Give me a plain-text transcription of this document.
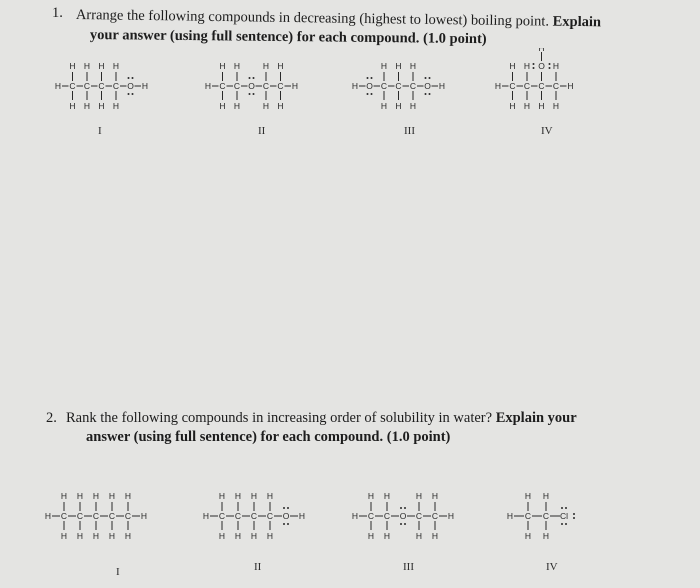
1. Arrange the following compounds in decreasing (highest to lowest) boiling point. Explain
your answer (using full sentence) for each compound. (1.0 point)
H C
H
H
C
H
H
C
H
H
C
H
H
O H	H C
H
H
C
H
H
O C
H
H
C
H
H
H	H O C
H
H
C
H
H
C
H
H
O H	H C
H
H
C
H
H
C
H
C
H
H
H
O
H
I	II	III	IV
2. Rank the following compounds in increasing order of solubility in water? Explain your
answer (using full sentence) for each compound. (1.0 point)
H C
H
H
C
H
H
C
H
H
C
H
H
C
H
H
H	H C
H
H
C
H
H
C
H
H
C
H
H
O H	H C
H
H
C
H
H
O C
H
H
C
H
H
H	H C
H
H
C
H
H
Cl
I	II	III	IV
